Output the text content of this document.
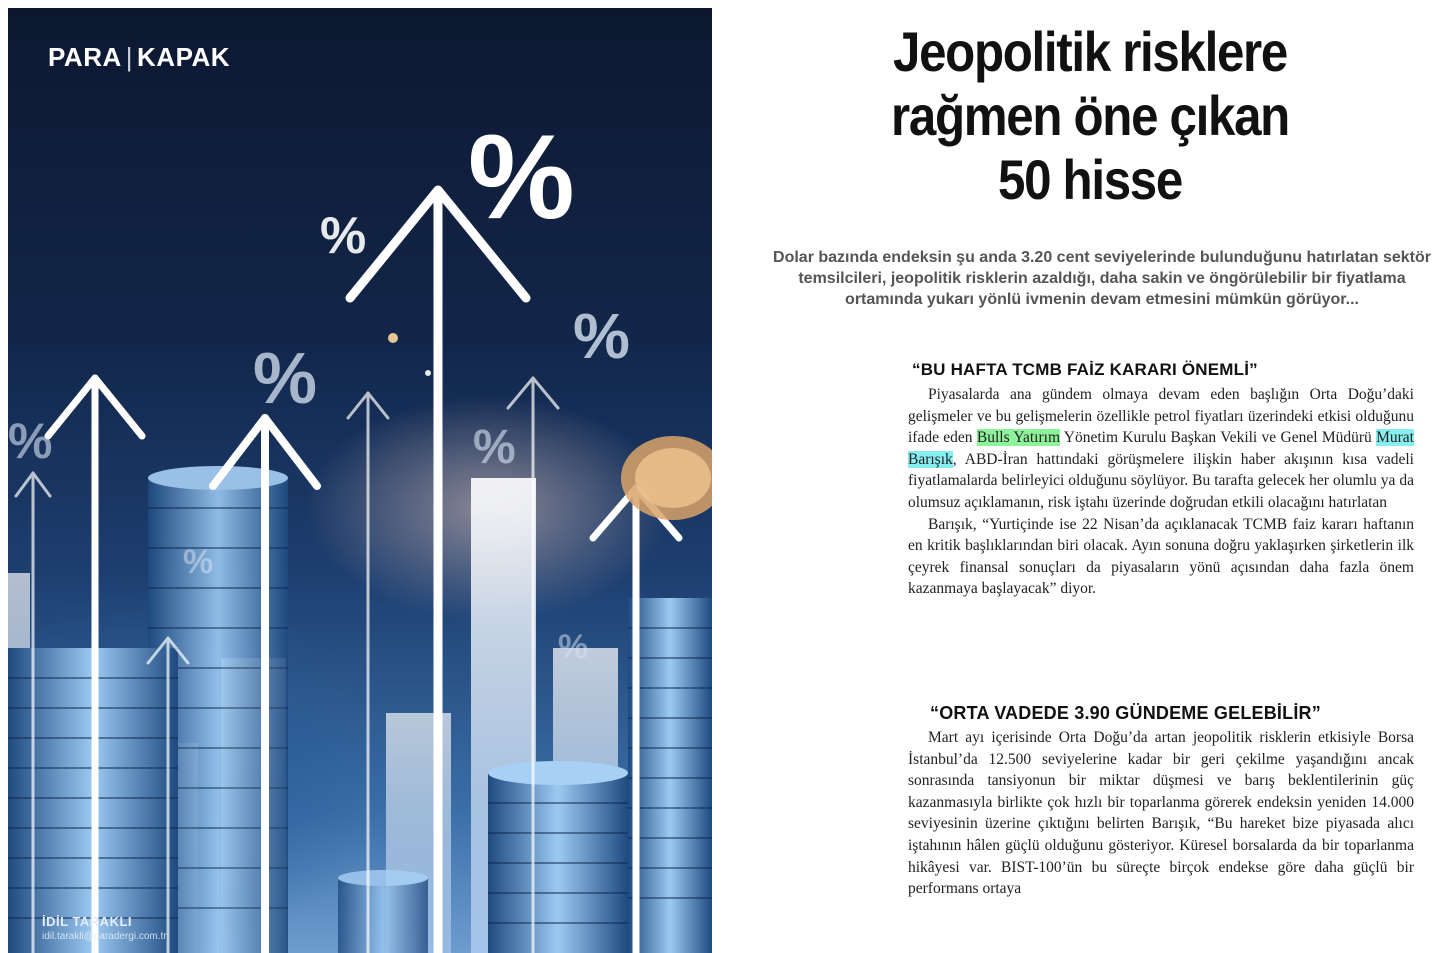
%
%
%
%
%
%
%
%
PARA | KAPAK
İDİL TARAKLI
idil.tarakli@paradergi.com.tr
Jeopolitik risklere
rağmen öne çıkan
50 hisse
Dolar bazında endeksin şu anda 3.20 cent seviyelerinde bulunduğunu hatırlatan sektör temsilcileri, jeopolitik risklerin azaldığı, daha sakin ve öngörülebilir bir fiyatlama ortamında yukarı yönlü ivmenin devam etmesini mümkün görüyor...
“BU HAFTA TCMB FAİZ KARARI ÖNEMLİ”

Piyasalarda ana gündem olmaya devam eden başlığın Orta Doğu’daki gelişmeler ve bu gelişmelerin özellikle petrol fiyatları üzerindeki etkisi olduğunu ifade eden Bulls Yatırım Yönetim Kurulu Başkan Vekili ve Genel Müdürü Murat Barışık, ABD-İran hattındaki görüşmelere ilişkin haber akışının kısa vadeli fiyatlamalarda belirleyici olduğunu söylüyor. Bu tarafta gelecek her olumlu ya da olumsuz açıklamanın, risk iştahı üzerinde doğrudan etkili olacağını hatırlatan

Barışık, “Yurtiçinde ise 22 Nisan’da açıklanacak TCMB faiz kararı haftanın en kritik başlıklarından biri olacak. Ayın sonuna doğru yaklaşırken şirketlerin ilk çeyrek finansal sonuçları da piyasaların yönü açısından daha fazla önem kazanmaya başlayacak” diyor.

“ORTA VADEDE 3.90 GÜNDEME GELEBİLİR”

Mart ayı içerisinde Orta Doğu’da artan jeopolitik risklerin etkisiyle Borsa İstanbul’da 12.500 seviyelerine kadar bir geri çekilme yaşandığını ancak sonrasında tansiyonun bir miktar düşmesi ve barış beklentilerinin güç kazanmasıyla birlikte çok hızlı bir toparlanma görerek endeksin yeniden 14.000 seviyesinin üzerine çıktığını belirten Barışık, “Bu hareket bize piyasada alıcı iştahının hâlen güçlü olduğunu gösteriyor. Küresel borsalarda da bir toparlanma hikâyesi var. BIST-100’ün bu süreçte birçok endekse göre daha güçlü bir performans ortaya
